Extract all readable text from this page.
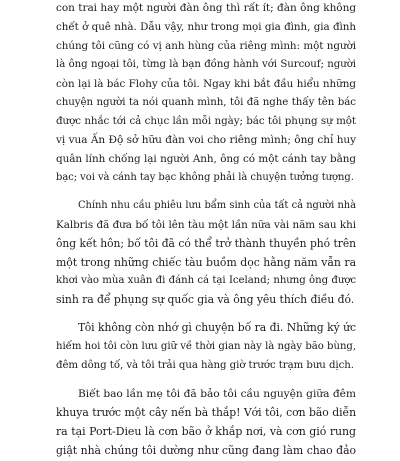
con trai hay một người đàn ông thì rất ít; đàn ông không
chết ở quê nhà. Dẫu vậy, như trong mọi gia đình, gia đình
chúng tôi cũng có vị anh hùng của riêng mình: một người
là ông ngoại tôi, từng là bạn đồng hành với Surcouf; người
còn lại là bác Flohy của tôi. Ngay khi bắt đầu hiểu những
chuyện người ta nói quanh mình, tôi đã nghe thấy tên bác
được nhắc tới cả chục lần mỗi ngày; bác tôi phụng sự một
vị vua Ấn Độ sở hữu đàn voi cho riêng mình; ông chỉ huy
quân lính chống lại người Anh, ông có một cánh tay bằng
bạc; voi và cánh tay bạc không phải là chuyện tưởng tượng.
Chính nhu cầu phiêu lưu bẩm sinh của tất cả người nhà
Kalbris đã đưa bố tôi lên tàu một lần nữa vài năm sau khi
ông kết hôn; bố tôi đã có thể trở thành thuyền phó trên
một trong những chiếc tàu buồm dọc hằng năm vẫn ra
khơi vào mùa xuân đi đánh cá tại Iceland; nhưng ông được
sinh ra để phụng sự quốc gia và ông yêu thích điều đó.
Tôi không còn nhớ gì chuyện bố ra đi. Những ký ức
hiếm hoi tôi còn lưu giữ về thời gian này là ngày bão bùng,
đêm dông tố, và tôi trải qua hàng giờ trước trạm bưu dịch.
Biết bao lần mẹ tôi đã bảo tôi cầu nguyện giữa đêm
khuya trước một cây nến bà thắp! Với tôi, cơn bão diễn
ra tại Port-Dieu là cơn bão ở khắp nơi, và cơn gió rung
giật nhà chúng tôi dường như cũng đang làm chao đảo
